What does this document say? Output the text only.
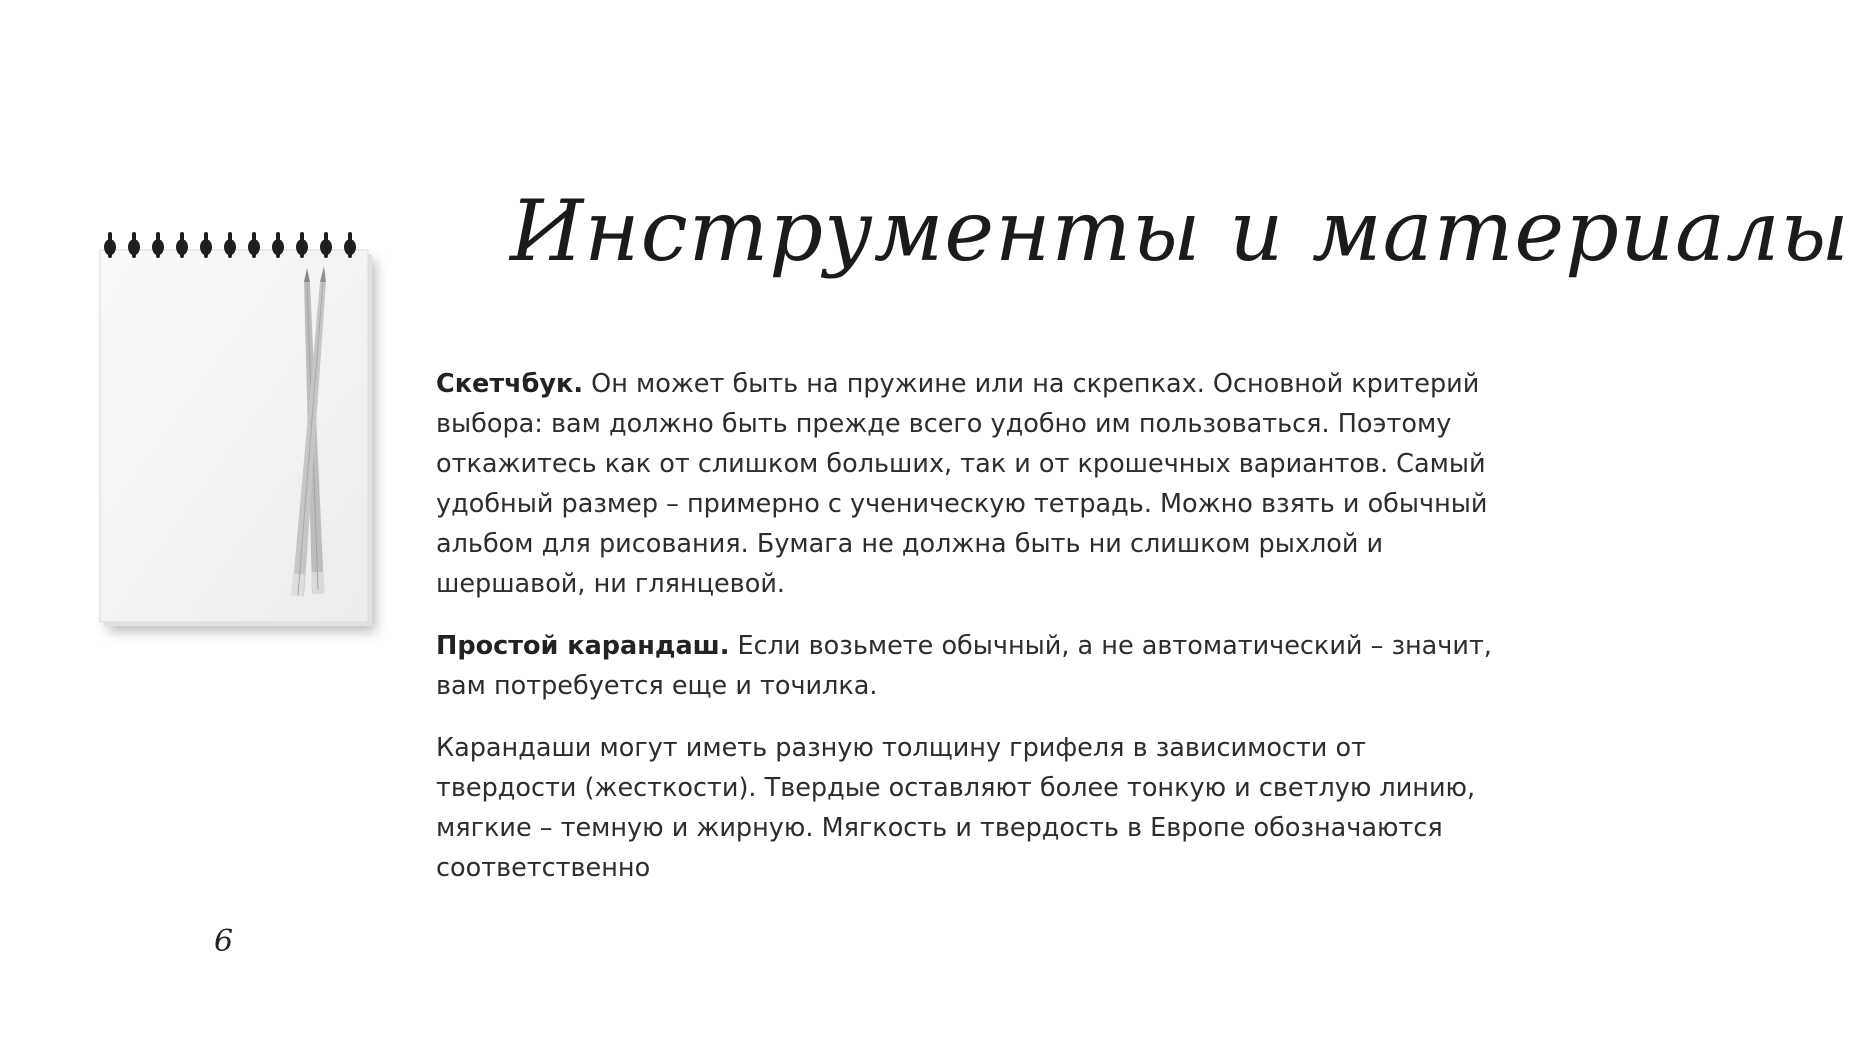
Инструменты и материалы

Скетчбук. Он может быть на пружине или на скрепках. Основной критерий выбора: вам должно быть прежде всего удобно им пользоваться. Поэтому откажитесь как от слишком больших, так и от крошечных вариантов. Самый удобный размер – примерно с ученическую тетрадь. Можно взять и обычный альбом для рисования. Бумага не должна быть ни слишком рыхлой и шершавой, ни глянцевой.

Простой карандаш. Если возьмете обычный, а не автоматический – значит, вам потребуется еще и точилка.

Карандаши могут иметь разную толщину грифеля в зависимости от твердости (жесткости). Твердые оставляют более тонкую и светлую линию, мягкие – темную и жирную. Мягкость и твердость в Европе обозначаются соответственно

6
